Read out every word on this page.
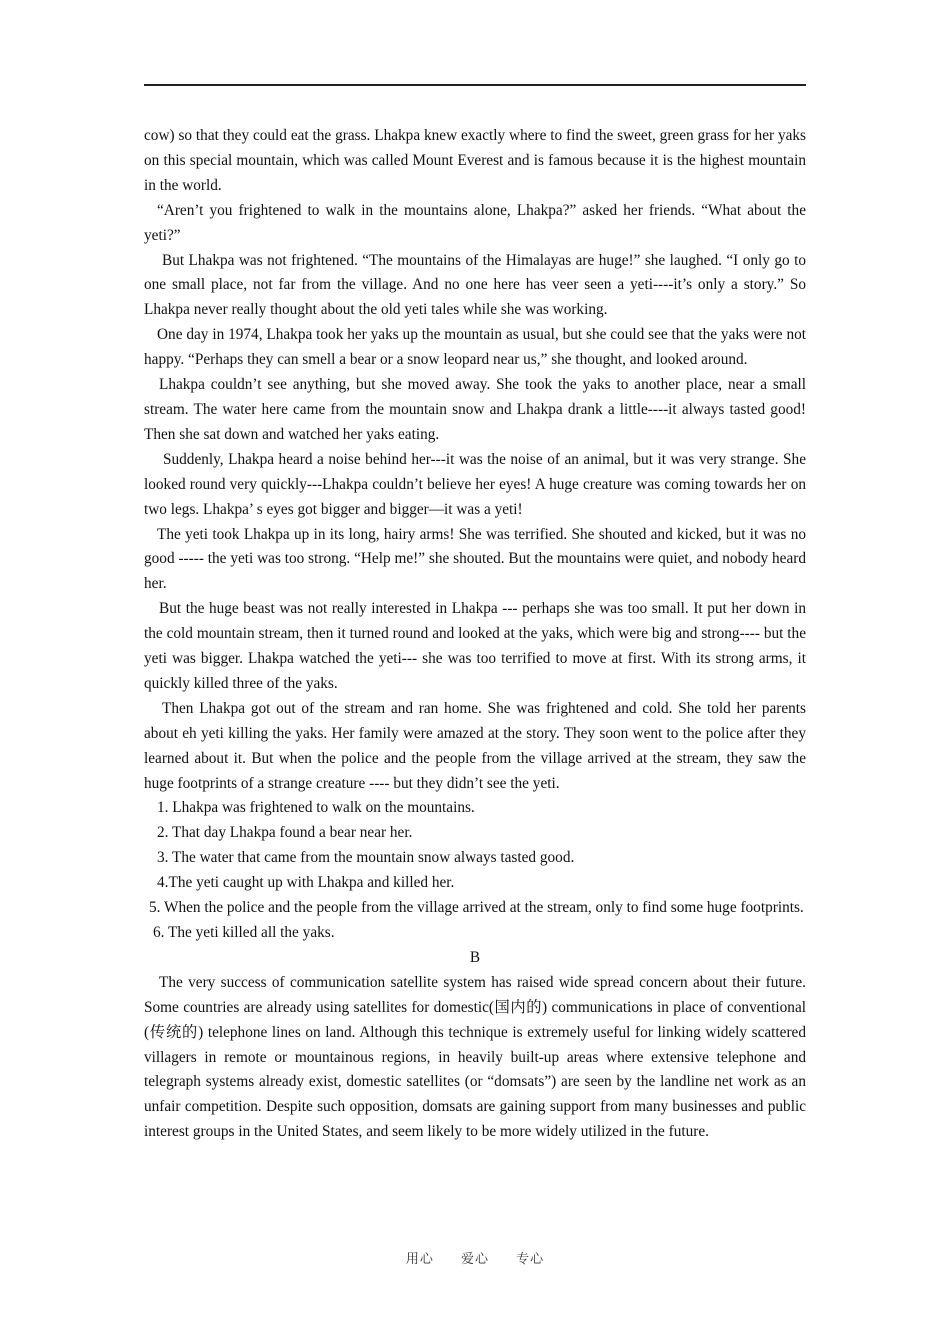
cow) so that they could eat the grass. Lhakpa knew exactly where to find the sweet, green grass for her yaks on this special mountain, which was called Mount Everest and is famous because it is the highest mountain in the world.

“Aren’t you frightened to walk in the mountains alone, Lhakpa?” asked her friends. “What about the yeti?”

But Lhakpa was not frightened. “The mountains of the Himalayas are huge!” she laughed. “I only go to one small place, not far from the village. And no one here has veer seen a yeti----it’s only a story.” So Lhakpa never really thought about the old yeti tales while she was working.

One day in 1974, Lhakpa took her yaks up the mountain as usual, but she could see that the yaks were not happy. “Perhaps they can smell a bear or a snow leopard near us,” she thought, and looked around.

Lhakpa couldn’t see anything, but she moved away. She took the yaks to another place, near a small stream. The water here came from the mountain snow and Lhakpa drank a little----it always tasted good! Then she sat down and watched her yaks eating.

Suddenly, Lhakpa heard a noise behind her---it was the noise of an animal, but it was very strange. She looked round very quickly---Lhakpa couldn’t believe her eyes! A huge creature was coming towards her on two legs. Lhakpa’ s eyes got bigger and bigger—it was a yeti!

The yeti took Lhakpa up in its long, hairy arms! She was terrified. She shouted and kicked, but it was no good ----- the yeti was too strong. “Help me!” she shouted. But the mountains were quiet, and nobody heard her.

But the huge beast was not really interested in Lhakpa --- perhaps she was too small. It put her down in the cold mountain stream, then it turned round and looked at the yaks, which were big and strong---- but the yeti was bigger. Lhakpa watched the yeti--- she was too terrified to move at first. With its strong arms, it quickly killed three of the yaks.

Then Lhakpa got out of the stream and ran home. She was frightened and cold. She told her parents about eh yeti killing the yaks. Her family were amazed at the story. They soon went to the police after they learned about it. But when the police and the people from the village arrived at the stream, they saw the huge footprints of a strange creature ---- but they didn’t see the yeti.

1. Lhakpa was frightened to walk on the mountains.

2. That day Lhakpa found a bear near her.

3. The water that came from the mountain snow always tasted good.

4.The yeti caught up with Lhakpa and killed her.

5. When the police and the people from the village arrived at the stream, only to find some huge footprints.

6. The yeti killed all the yaks.

B

The very success of communication satellite system has raised wide spread concern about their future. Some countries are already using satellites for domestic(国内的) communications in place of conventional (传统的) telephone lines on land. Although this technique is extremely useful for linking widely scattered villagers in remote or mountainous regions, in heavily built-up areas where extensive telephone and telegraph systems already exist, domestic satellites (or “domsats”) are seen by the landline net work as an unfair competition. Despite such opposition, domsats are gaining support from many businesses and public interest groups in the United States, and seem likely to be more widely utilized in the future.

用心 爱心 专心
